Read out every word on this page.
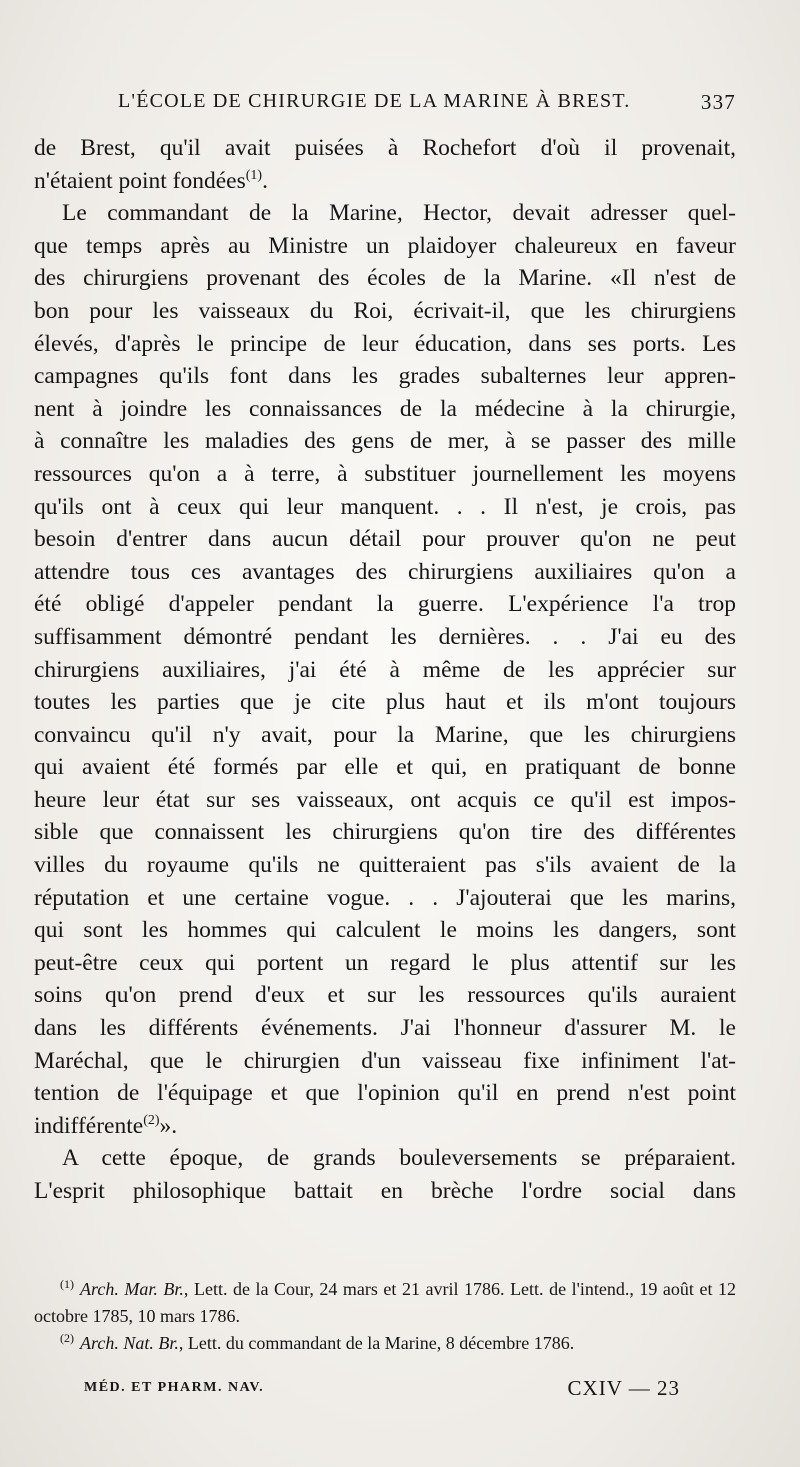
L'ÉCOLE DE CHIRURGIE DE LA MARINE À BREST.	337

de Brest, qu'il avait puisées à Rochefort d'où il provenait,

n'étaient point fondées$^{(1)}$.

Le commandant de la Marine, Hector, devait adresser quel-

que temps après au Ministre un plaidoyer chaleureux en faveur

des chirurgiens provenant des écoles de la Marine. «Il n'est de

bon pour les vaisseaux du Roi, écrivait-il, que les chirurgiens

élevés, d'après le principe de leur éducation, dans ses ports. Les

campagnes qu'ils font dans les grades subalternes leur appren-

nent à joindre les connaissances de la médecine à la chirurgie,

à connaître les maladies des gens de mer, à se passer des mille

ressources qu'on a à terre, à substituer journellement les moyens

qu'ils ont à ceux qui leur manquent. . . Il n'est, je crois, pas

besoin d'entrer dans aucun détail pour prouver qu'on ne peut

attendre tous ces avantages des chirurgiens auxiliaires qu'on a

été obligé d'appeler pendant la guerre. L'expérience l'a trop

suffisamment démontré pendant les dernières. . . J'ai eu des

chirurgiens auxiliaires, j'ai été à même de les apprécier sur

toutes les parties que je cite plus haut et ils m'ont toujours

convaincu qu'il n'y avait, pour la Marine, que les chirurgiens

qui avaient été formés par elle et qui, en pratiquant de bonne

heure leur état sur ses vaisseaux, ont acquis ce qu'il est impos-

sible que connaissent les chirurgiens qu'on tire des différentes

villes du royaume qu'ils ne quitteraient pas s'ils avaient de la

réputation et une certaine vogue. . . J'ajouterai que les marins,

qui sont les hommes qui calculent le moins les dangers, sont

peut-être ceux qui portent un regard le plus attentif sur les

soins qu'on prend d'eux et sur les ressources qu'ils auraient

dans les différents événements. J'ai l'honneur d'assurer M. le

Maréchal, que le chirurgien d'un vaisseau fixe infiniment l'at-

tention de l'équipage et que l'opinion qu'il en prend n'est point

indifférente$^{(2)}$».

A cette époque, de grands bouleversements se préparaient.

L'esprit philosophique battait en brèche l'ordre social dans

$^{(1)}$ Arch. Mar. Br., Lett. de la Cour, 24 mars et 21 avril 1786. Lett. de l'intend., 19 août et 12 octobre 1785, 10 mars 1786.

$^{(2)}$ Arch. Nat. Br., Lett. du commandant de la Marine, 8 décembre 1786.

MÉD. ET PHARM. NAV.	CXIV — 23
